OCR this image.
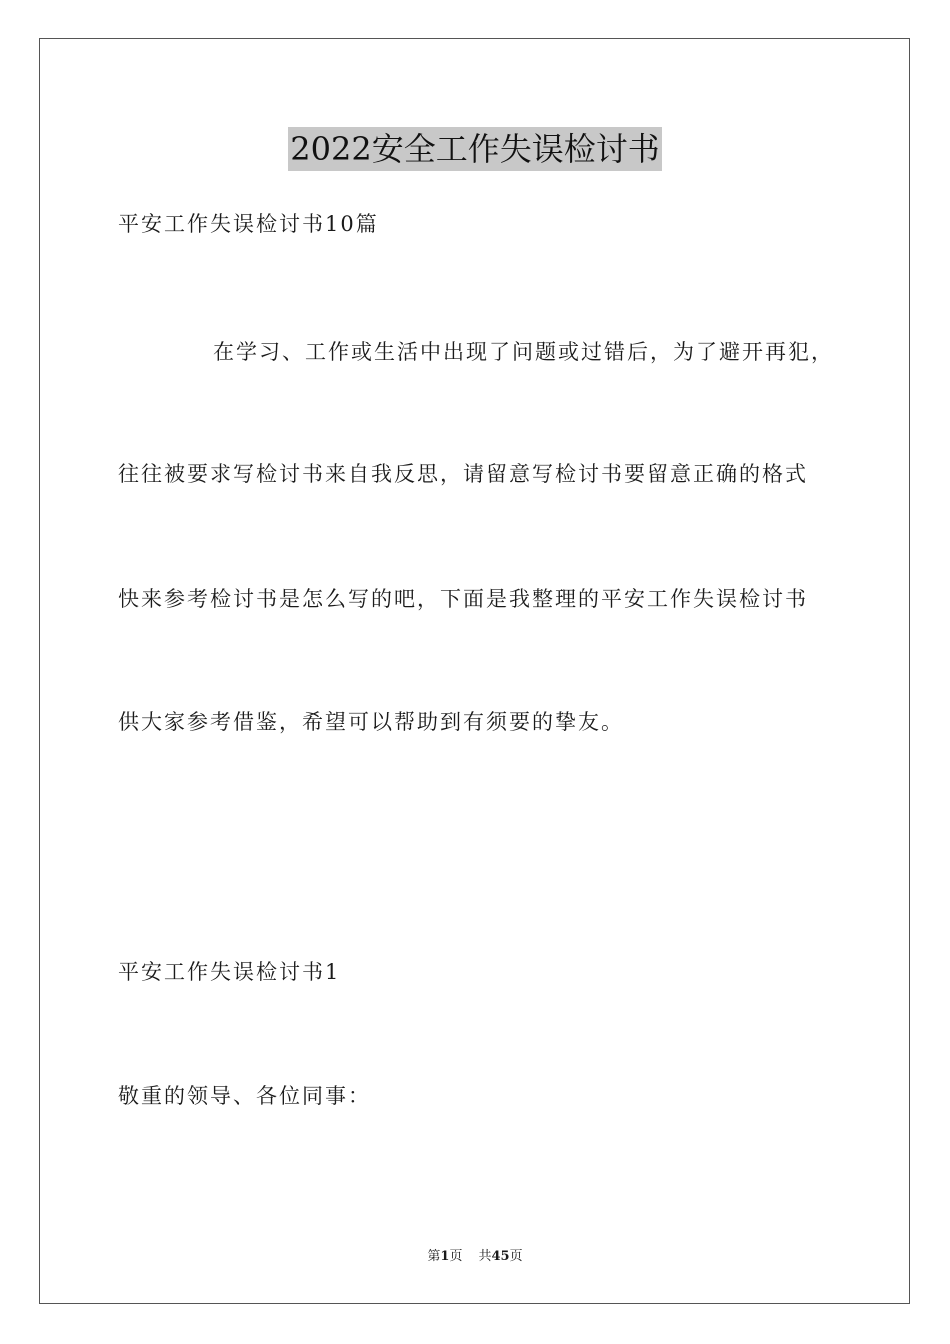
2022安全工作失误检讨书
平安工作失误检讨书10篇
在学习、工作或生活中出现了问题或过错后，为了避开再犯，
往往被要求写检讨书来自我反思，请留意写检讨书要留意正确的格式
快来参考检讨书是怎么写的吧，下面是我整理的平安工作失误检讨书
供大家参考借鉴，希望可以帮助到有须要的挚友。
平安工作失误检讨书1
敬重的领导、各位同事：
第1页 共45页
